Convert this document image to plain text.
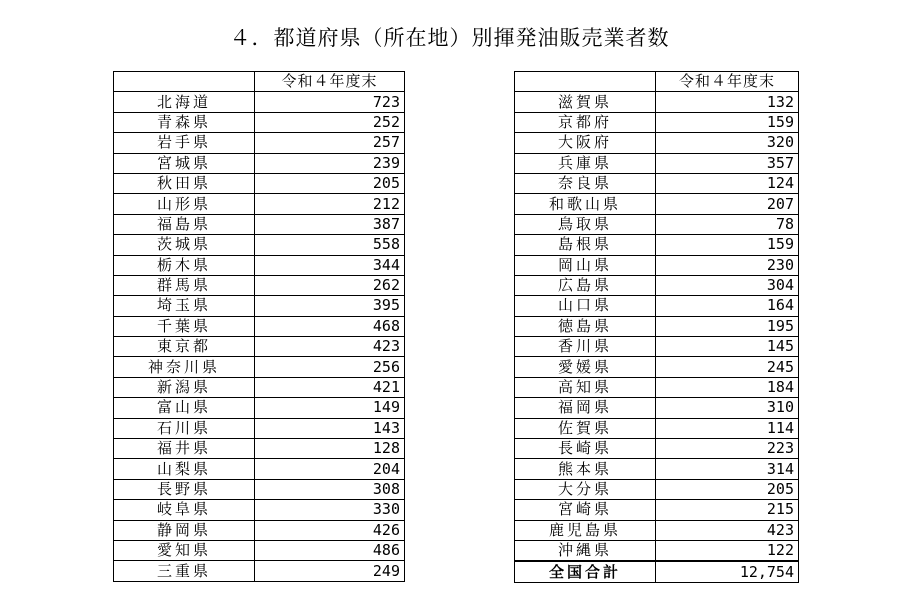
４．都道府県（所在地）別揮発油販売業者数
	令和４年度末
北海道	723
青森県	252
岩手県	257
宮城県	239
秋田県	205
山形県	212
福島県	387
茨城県	558
栃木県	344
群馬県	262
埼玉県	395
千葉県	468
東京都	423
神奈川県	256
新潟県	421
富山県	149
石川県	143
福井県	128
山梨県	204
長野県	308
岐阜県	330
静岡県	426
愛知県	486
三重県	249
	令和４年度末
滋賀県	132
京都府	159
大阪府	320
兵庫県	357
奈良県	124
和歌山県	207
鳥取県	78
島根県	159
岡山県	230
広島県	304
山口県	164
徳島県	195
香川県	145
愛媛県	245
高知県	184
福岡県	310
佐賀県	114
長崎県	223
熊本県	314
大分県	205
宮崎県	215
鹿児島県	423
沖縄県	122
全国合計	12,754
